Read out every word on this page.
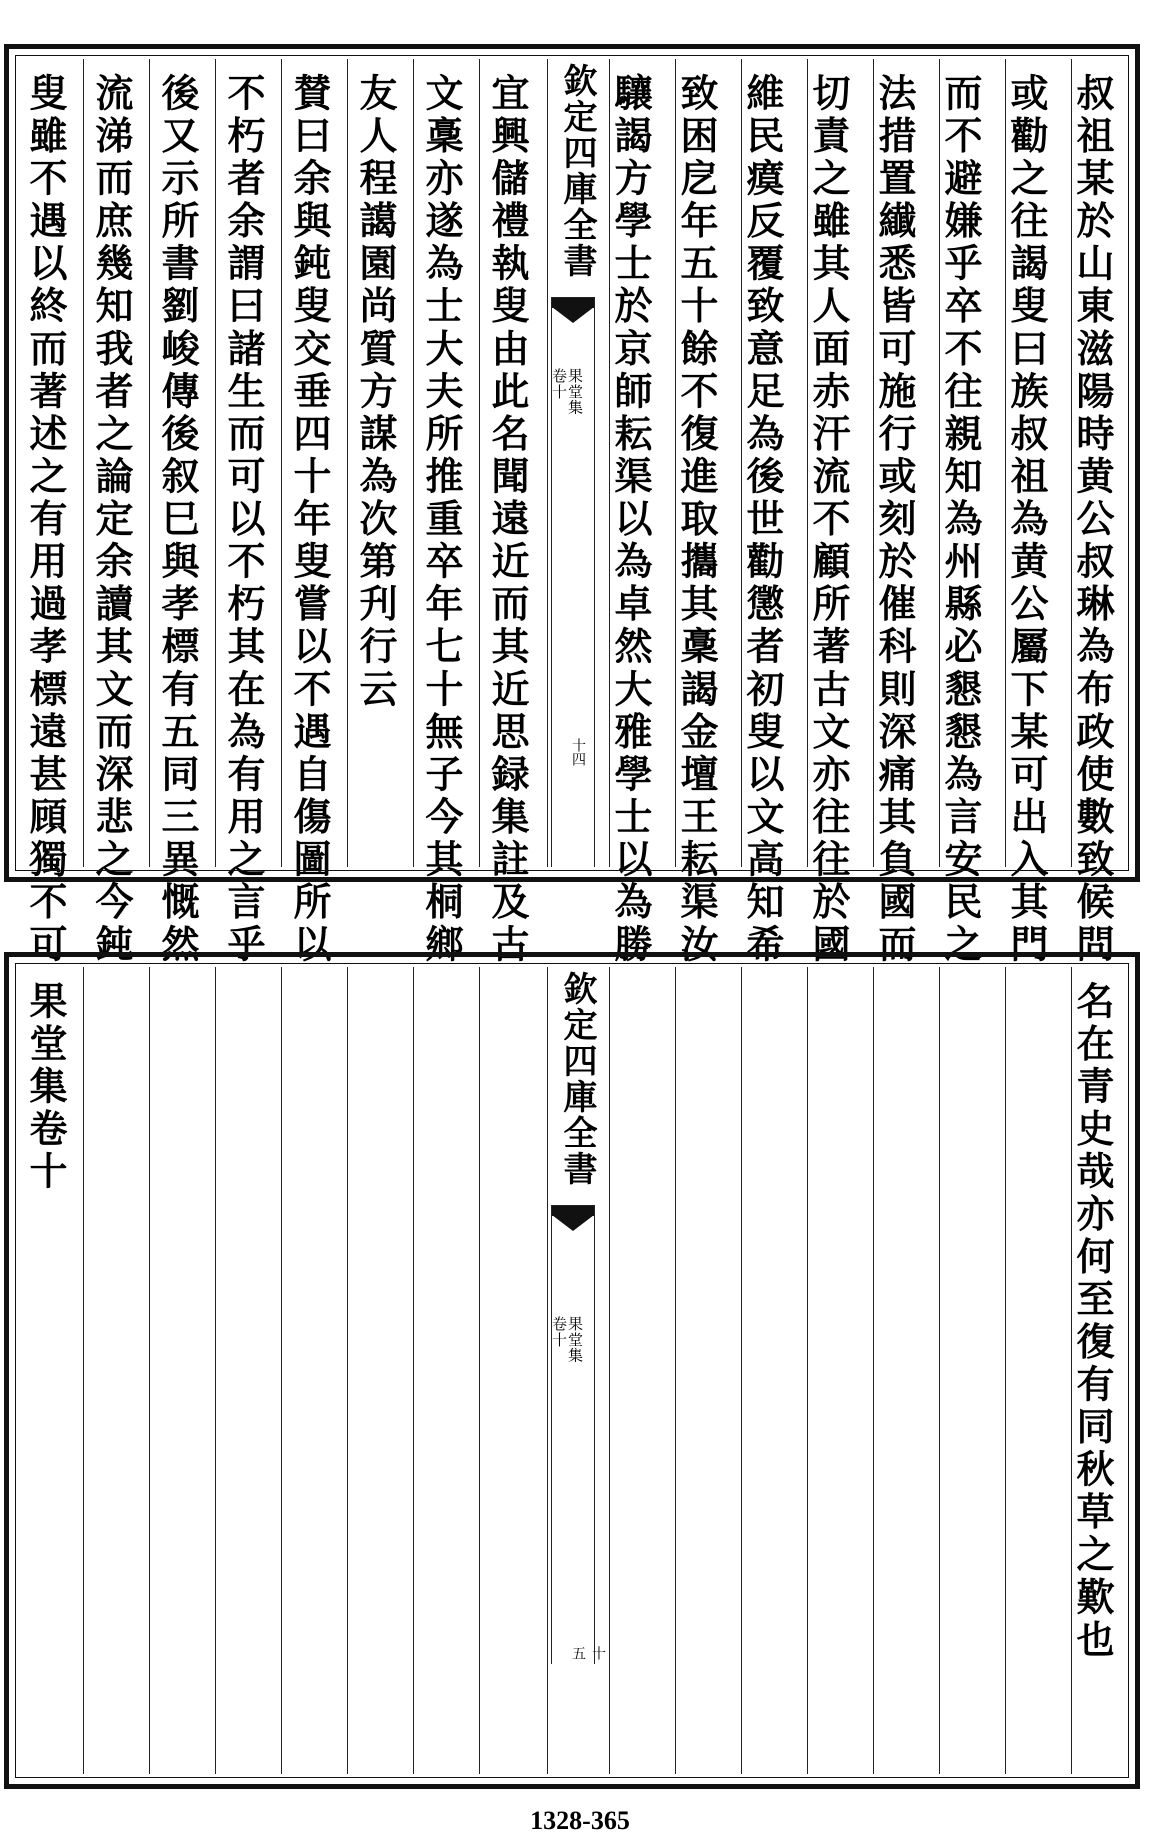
叔祖某於山東滋陽時黄公叔琳為布政使數致候問
或勸之往謁叟曰族叔祖為黄公屬下某可出入其門
而不避嫌乎卒不往親知為州縣必懇懇為言安民之
法措置纎悉皆可施行或刻於催科則深痛其負國而
切責之雖其人面赤汗流不顧所著古文亦往往於國
維民瘼反覆致意足為後世勸懲者初叟以文高知希
致困戹年五十餘不復進取攜其稾謁金壇王耘渠汝
驤謁方學士於京師耘渠以為卓然大雅學士以為勝
欽定四庫全書
果堂集
卷十
十四
宜興儲禮執叟由此名聞遠近而其近思録集註及古
文稾亦遂為士大夫所推重卒年七十無子今其桐鄉
友人程譪園尚質方謀為次第刋行云
賛曰余與鈍叟交垂四十年叟嘗以不遇自傷圖所以
不朽者余謂曰諸生而可以不朽其在為有用之言乎
後又示所書劉峻傳後叙巳與孝標有五同三異慨然
流涕而庶幾知我者之論定余讀其文而深悲之今鈍
叟雖不遇以終而著述之有用過孝標遠甚頋獨不可
名在青史哉亦何至復有同秋草之歎也
欽定四庫全書
果堂集
卷十
十五
果堂集卷十
1328-365
